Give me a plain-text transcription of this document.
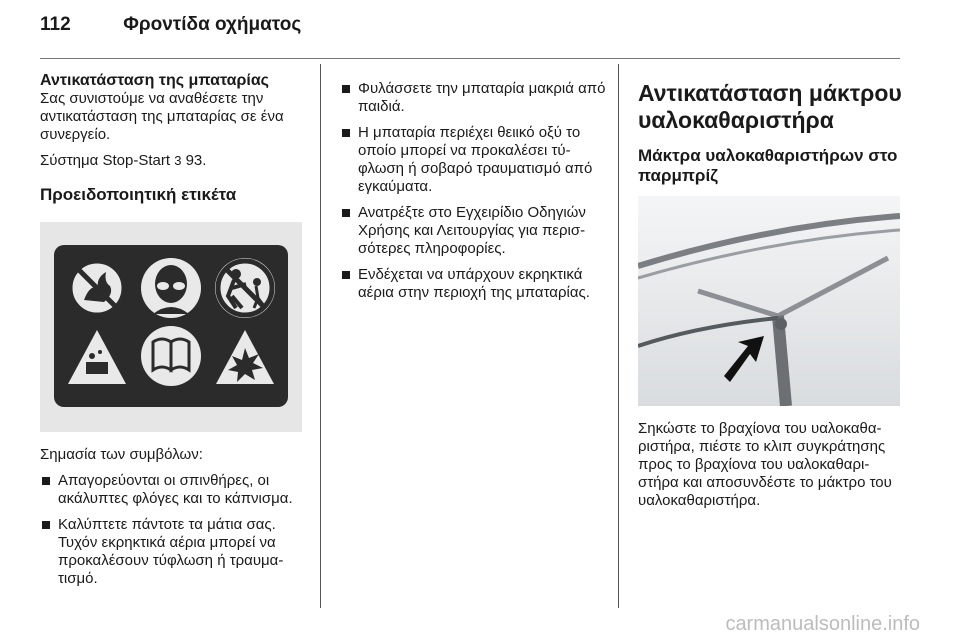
112	Φροντίδα οχήματος
Αντικατάσταση της μπαταρίας

Σας συνιστούμε να αναθέσετε την αντικατάσταση της μπαταρίας σε ένα συνεργείο.

Σύστημα Stop-Start 3 93.

Προειδοποιητική ετικέτα

Σημασία των συμβόλων:

Απαγορεύονται οι σπινθήρες, οι ακάλυπτες φλόγες και το κάπνισμα.
Καλύπτετε πάντοτε τα μάτια σας. Τυχόν εκρηκτικά αέρια μπορεί να προκαλέσουν τύφλωση ή τραυμα-τισμό.
Φυλάσσετε την μπαταρία μακριά από παιδιά.
Η μπαταρία περιέχει θειικό οξύ το οποίο μπορεί να προκαλέσει τύ-φλωση ή σοβαρό τραυματισμό από εγκαύματα.
Ανατρέξτε στο Εγχειρίδιο Οδηγιών Χρήσης και Λειτουργίας για περισ-σότερες πληροφορίες.
Ενδέχεται να υπάρχουν εκρηκτικά αέρια στην περιοχή της μπαταρίας.
Αντικατάσταση μάκτρου υαλοκαθαριστήρα
Μάκτρα υαλοκαθαριστήρων στο παρμπρίζ

Σηκώστε το βραχίονα του υαλοκαθα-ριστήρα, πιέστε το κλιπ συγκράτησης προς το βραχίονα του υαλοκαθαρι-στήρα και αποσυνδέστε το μάκτρο του υαλοκαθαριστήρα.

carmanualsonline.info
